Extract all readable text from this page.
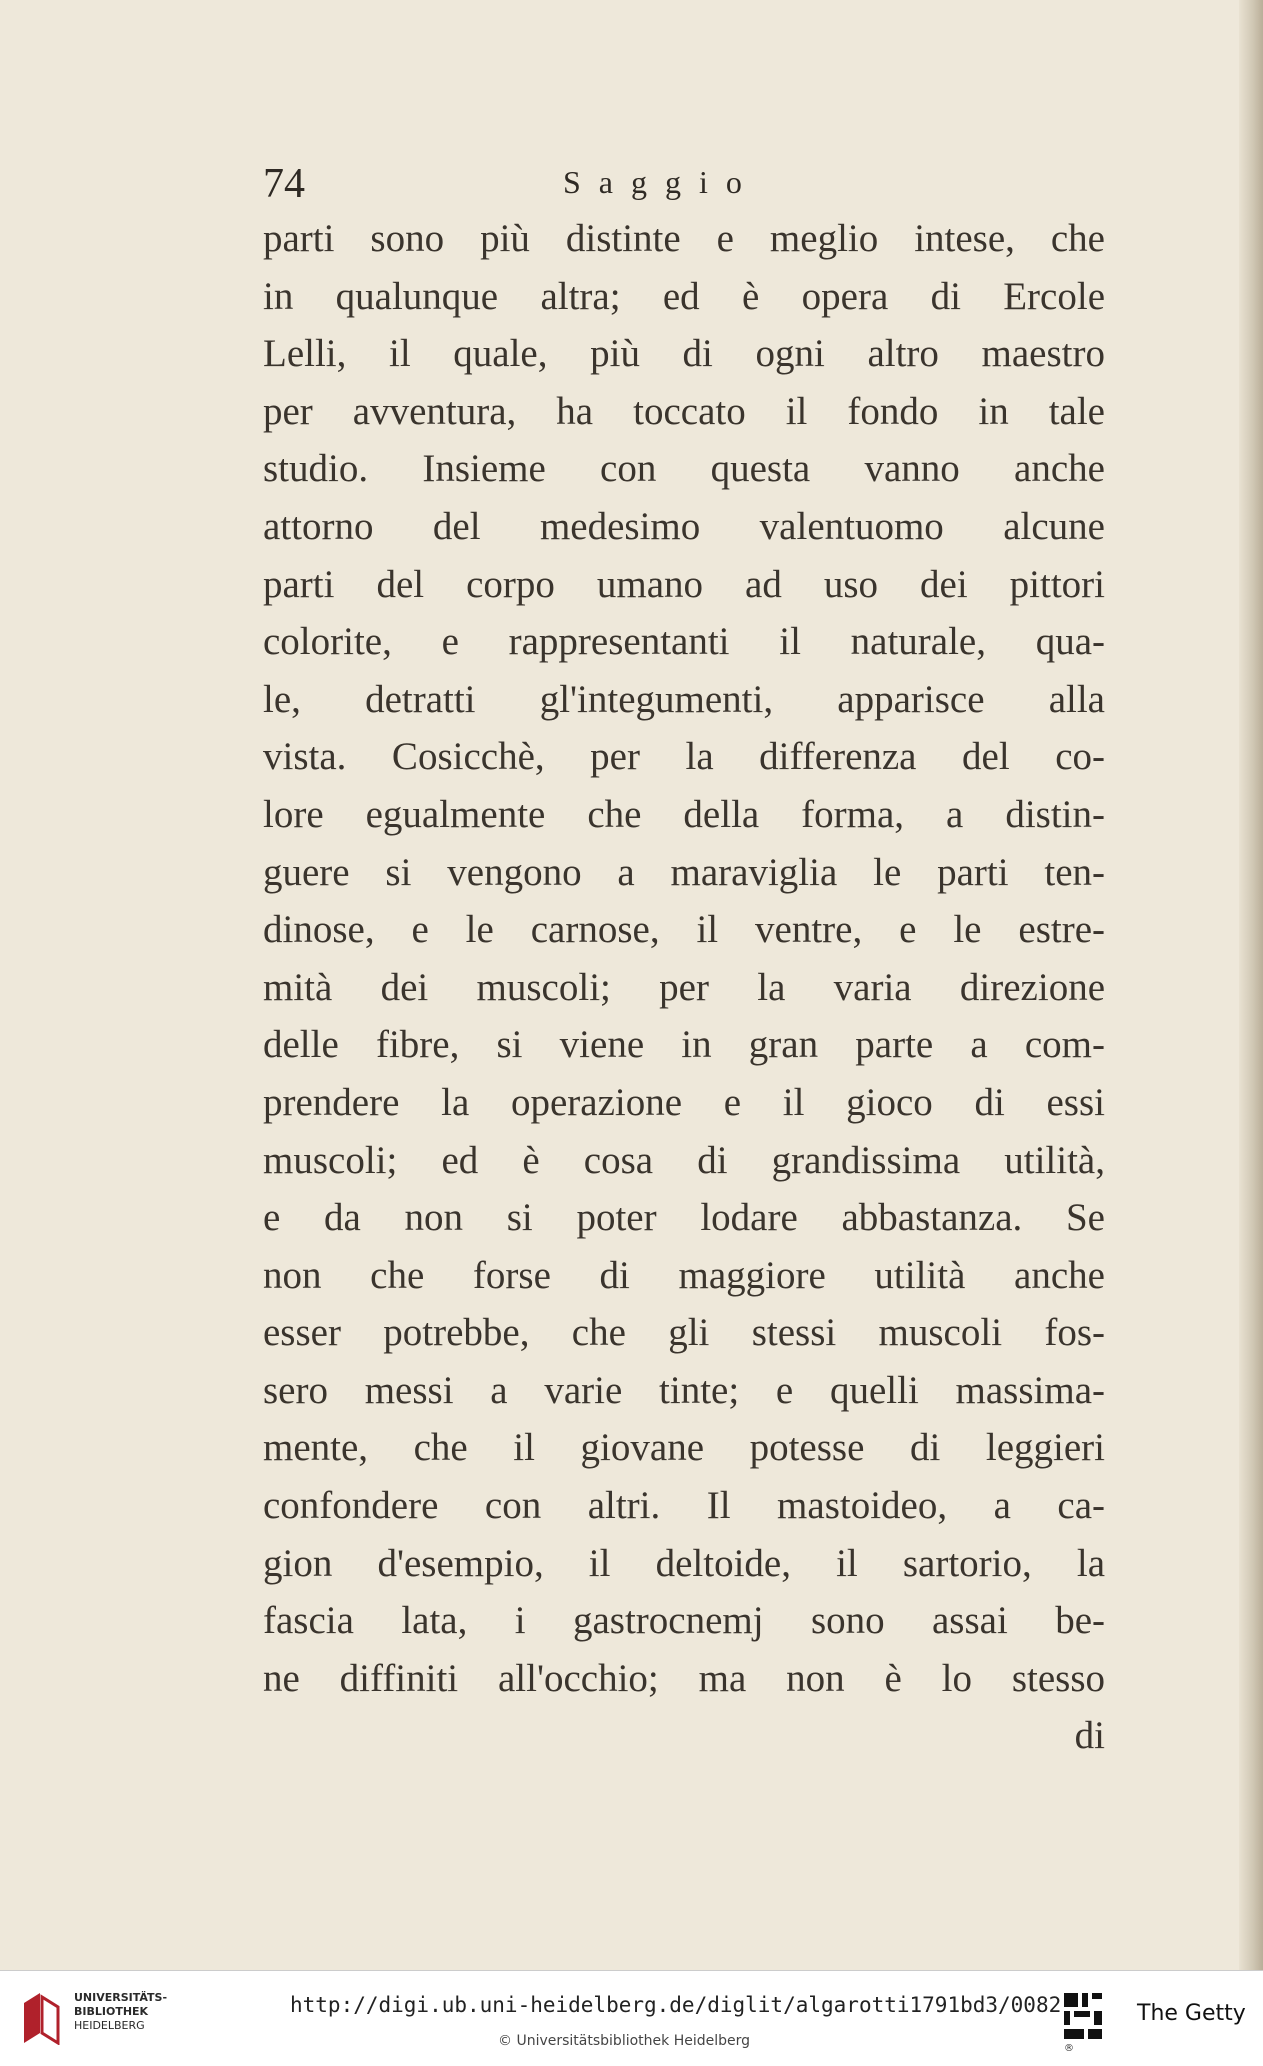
74	Saggio
parti sono più distinte e meglio intese, che
in qualunque altra; ed è opera di Ercole
Lelli, il quale, più di ogni altro maestro
per avventura, ha toccato il fondo in tale
studio. Insieme con questa vanno anche
attorno del medesimo valentuomo alcune
parti del corpo umano ad uso dei pittori
colorite, e rappresentanti il naturale, qua-
le, detratti gl'integumenti, apparisce alla
vista. Cosicchè, per la differenza del co-
lore egualmente che della forma, a distin-
guere si vengono a maraviglia le parti ten-
dinose, e le carnose, il ventre, e le estre-
mità dei muscoli; per la varia direzione
delle fibre, si viene in gran parte a com-
prendere la operazione e il gioco di essi
muscoli; ed è cosa di grandissima utilità,
e da non si poter lodare abbastanza. Se
non che forse di maggiore utilità anche
esser potrebbe, che gli stessi muscoli fos-
sero messi a varie tinte; e quelli massima-
mente, che il giovane potesse di leggieri
confondere con altri. Il mastoideo, a ca-
gion d'esempio, il deltoide, il sartorio, la
fascia lata, i gastrocnemj sono assai be-
ne diffiniti all'occhio; ma non è lo stesso
di
UNIVERSITÄTS-
BIBLIOTHEK
HEIDELBERG
http://digi.ub.uni-heidelberg.de/diglit/algarotti1791bd3/0082
© Universitätsbibliothek Heidelberg	®
The Getty
